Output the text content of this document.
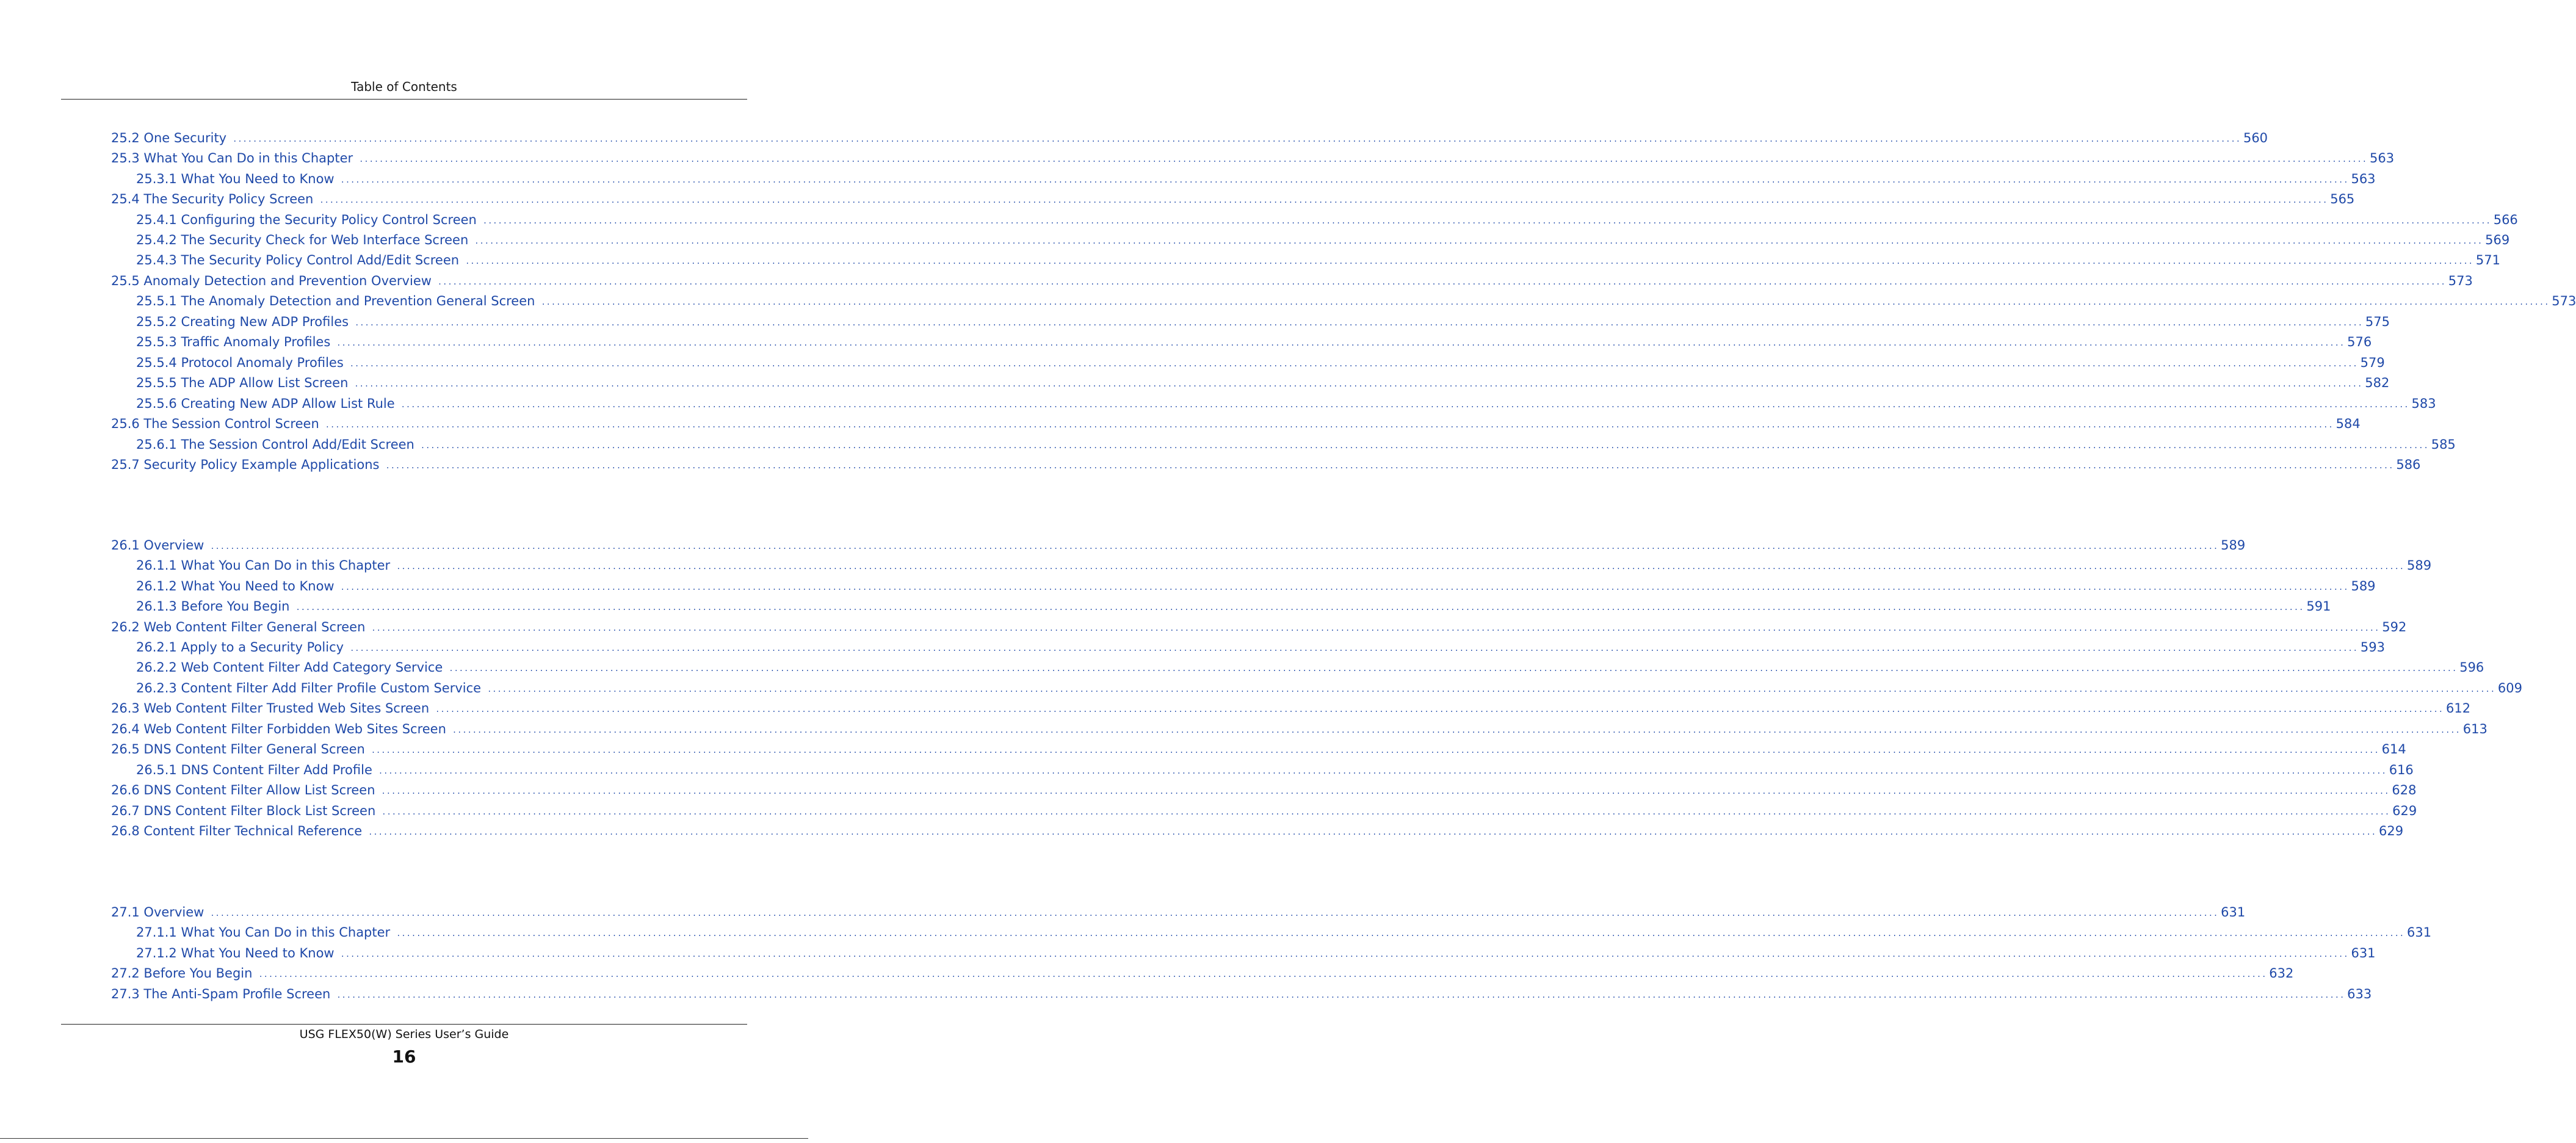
Table of Contents
25.2 One Security ................................................................................................................................................................................................................................................................................................................................................................................................................ 560
25.3 What You Can Do in this Chapter ................................................................................................................................................................................................................................................................................................................................................................................................................ 563
25.3.1 What You Need to Know ................................................................................................................................................................................................................................................................................................................................................................................................................ 563
25.4 The Security Policy Screen ................................................................................................................................................................................................................................................................................................................................................................................................................ 565
25.4.1 Configuring the Security Policy Control Screen ................................................................................................................................................................................................................................................................................................................................................................................................................ 566
25.4.2 The Security Check for Web Interface Screen ................................................................................................................................................................................................................................................................................................................................................................................................................ 569
25.4.3 The Security Policy Control Add/Edit Screen ................................................................................................................................................................................................................................................................................................................................................................................................................ 571
25.5 Anomaly Detection and Prevention Overview ................................................................................................................................................................................................................................................................................................................................................................................................................ 573
25.5.1 The Anomaly Detection and Prevention General Screen ................................................................................................................................................................................................................................................................................................................................................................................................................ 573
25.5.2 Creating New ADP Profiles ................................................................................................................................................................................................................................................................................................................................................................................................................ 575
25.5.3 Traffic Anomaly Profiles ................................................................................................................................................................................................................................................................................................................................................................................................................ 576
25.5.4 Protocol Anomaly Profiles ................................................................................................................................................................................................................................................................................................................................................................................................................ 579
25.5.5 The ADP Allow List Screen ................................................................................................................................................................................................................................................................................................................................................................................................................ 582
25.5.6 Creating New ADP Allow List Rule ................................................................................................................................................................................................................................................................................................................................................................................................................ 583
25.6 The Session Control Screen ................................................................................................................................................................................................................................................................................................................................................................................................................ 584
25.6.1 The Session Control Add/Edit Screen ................................................................................................................................................................................................................................................................................................................................................................................................................ 585
25.7 Security Policy Example Applications ................................................................................................................................................................................................................................................................................................................................................................................................................ 586
26.1 Overview ................................................................................................................................................................................................................................................................................................................................................................................................................ 589
26.1.1 What You Can Do in this Chapter ................................................................................................................................................................................................................................................................................................................................................................................................................ 589
26.1.2 What You Need to Know ................................................................................................................................................................................................................................................................................................................................................................................................................ 589
26.1.3 Before You Begin ................................................................................................................................................................................................................................................................................................................................................................................................................ 591
26.2 Web Content Filter General Screen ................................................................................................................................................................................................................................................................................................................................................................................................................ 592
26.2.1 Apply to a Security Policy ................................................................................................................................................................................................................................................................................................................................................................................................................ 593
26.2.2 Web Content Filter Add Category Service ................................................................................................................................................................................................................................................................................................................................................................................................................ 596
26.2.3 Content Filter Add Filter Profile Custom Service ................................................................................................................................................................................................................................................................................................................................................................................................................ 609
26.3 Web Content Filter Trusted Web Sites Screen ................................................................................................................................................................................................................................................................................................................................................................................................................ 612
26.4 Web Content Filter Forbidden Web Sites Screen ................................................................................................................................................................................................................................................................................................................................................................................................................ 613
26.5 DNS Content Filter General Screen ................................................................................................................................................................................................................................................................................................................................................................................................................ 614
26.5.1 DNS Content Filter Add Profile ................................................................................................................................................................................................................................................................................................................................................................................................................ 616
26.6 DNS Content Filter Allow List Screen ................................................................................................................................................................................................................................................................................................................................................................................................................ 628
26.7 DNS Content Filter Block List Screen ................................................................................................................................................................................................................................................................................................................................................................................................................ 629
26.8 Content Filter Technical Reference ................................................................................................................................................................................................................................................................................................................................................................................................................ 629
27.1 Overview ................................................................................................................................................................................................................................................................................................................................................................................................................ 631
27.1.1 What You Can Do in this Chapter ................................................................................................................................................................................................................................................................................................................................................................................................................ 631
27.1.2 What You Need to Know ................................................................................................................................................................................................................................................................................................................................................................................................................ 631
27.2 Before You Begin ................................................................................................................................................................................................................................................................................................................................................................................................................ 632
27.3 The Anti-Spam Profile Screen ................................................................................................................................................................................................................................................................................................................................................................................................................ 633
USG FLEX50(W) Series User’s Guide
16
